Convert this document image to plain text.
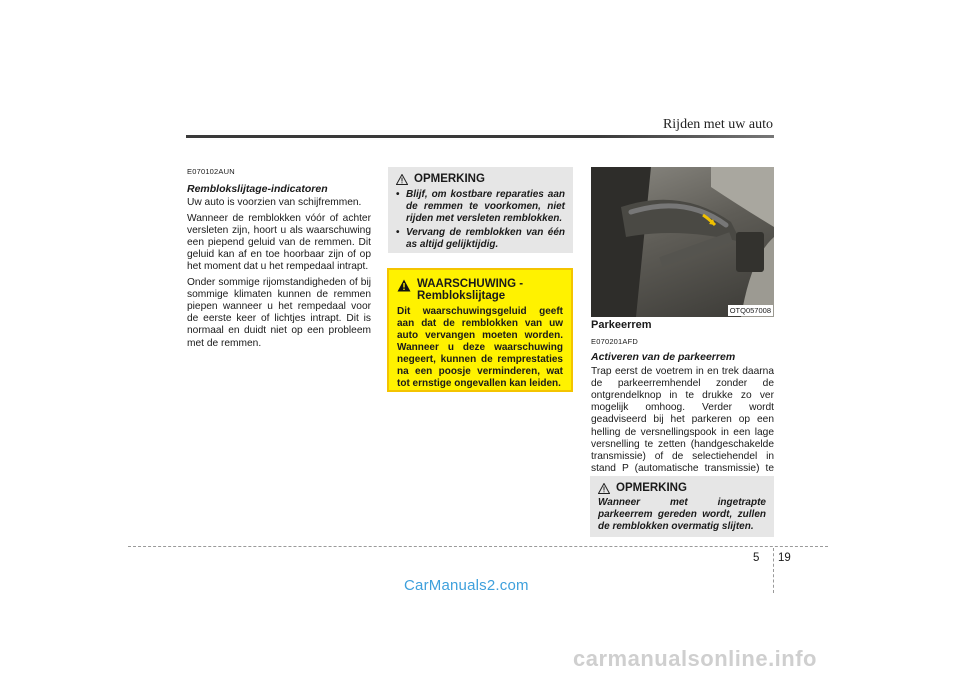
Rijden met uw auto
E070102AUN
Remblokslijtage-indicatoren

Uw auto is voorzien van schijfremmen.

Wanneer de remblokken vóór of achter versleten zijn, hoort u als waarschuwing een piepend geluid van de remmen. Dit geluid kan af en toe hoorbaar zijn of op het moment dat u het rempedaal intrapt.

Onder sommige rijomstandigheden of bij sommige klimaten kunnen de remmen piepen wanneer u het rempedaal voor de eerste keer of lichtjes intrapt. Dit is normaal en duidt niet op een probleem met de remmen.

OPMERKING
• Blijf, om kostbare reparaties aan de remmen te voorkomen, niet rijden met versleten remblokken.
• Vervang de remblokken van één as altijd gelijktijdig.
WAARSCHUWING -
Remblokslijtage
Dit waarschuwingsgeluid geeft aan dat de remblokken van uw auto vervangen moeten worden. Wanneer u deze waarschuwing negeert, kunnen de remprestaties na een poosje verminderen, wat tot ernstige ongevallen kan leiden.
OTQ057008
Parkeerrem
E070201AFD
Activeren van de parkeerrem

Trap eerst de voetrem in en trek daarna de parkeerremhendel zonder de ontgrendelknop in te drukke zo ver mogelijk omhoog. Verder wordt geadviseerd bij het parkeren op een helling de versnellingspook in een lage versnelling te zetten (handgeschakelde transmissie) of de selectiehendel in stand P (automatische transmissie) te

OPMERKING
Wanneer met ingetrapte parkeerrem gereden wordt, zullen de remblokken overmatig slijten.
5 19
CarManuals2.com
carmanualsonline.info
